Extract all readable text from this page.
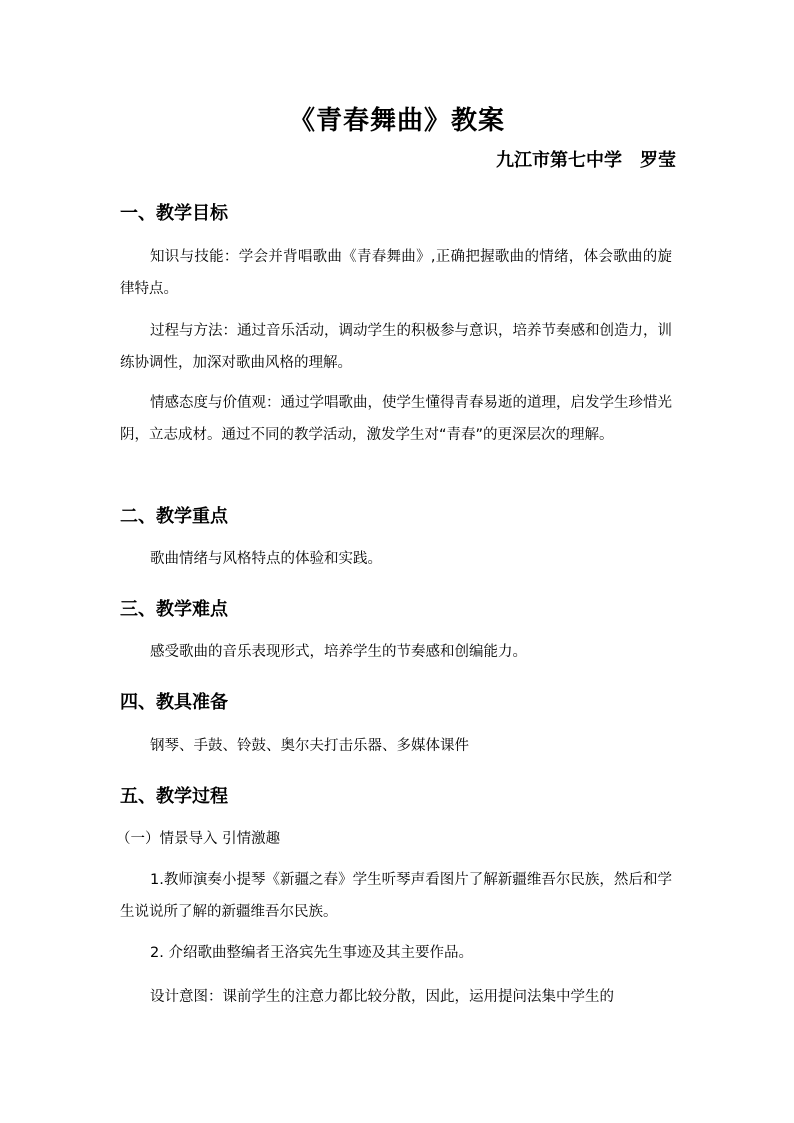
《青春舞曲》教案
九江市第七中学　罗莹
一、教学目标
知识与技能：学会并背唱歌曲《青春舞曲》,正确把握歌曲的情绪，体会歌曲的旋律特点。
过程与方法：通过音乐活动，调动学生的积极参与意识，培养节奏感和创造力，训练协调性，加深对歌曲风格的理解。
情感态度与价值观：通过学唱歌曲，使学生懂得青春易逝的道理，启发学生珍惜光阴，立志成材。通过不同的教学活动，激发学生对“青春”的更深层次的理解。
二、教学重点
歌曲情绪与风格特点的体验和实践。
三、教学难点
感受歌曲的音乐表现形式，培养学生的节奏感和创编能力。
四、教具准备
钢琴、手鼓、铃鼓、奥尔夫打击乐器、多媒体课件
五、教学过程
（一）情景导入 引情激趣
1.教师演奏小提琴《新疆之春》学生听琴声看图片了解新疆维吾尔民族，然后和学生说说所了解的新疆维吾尔民族。
2. 介绍歌曲整编者王洛宾先生事迹及其主要作品。
设计意图：课前学生的注意力都比较分散，因此，运用提问法集中学生的
